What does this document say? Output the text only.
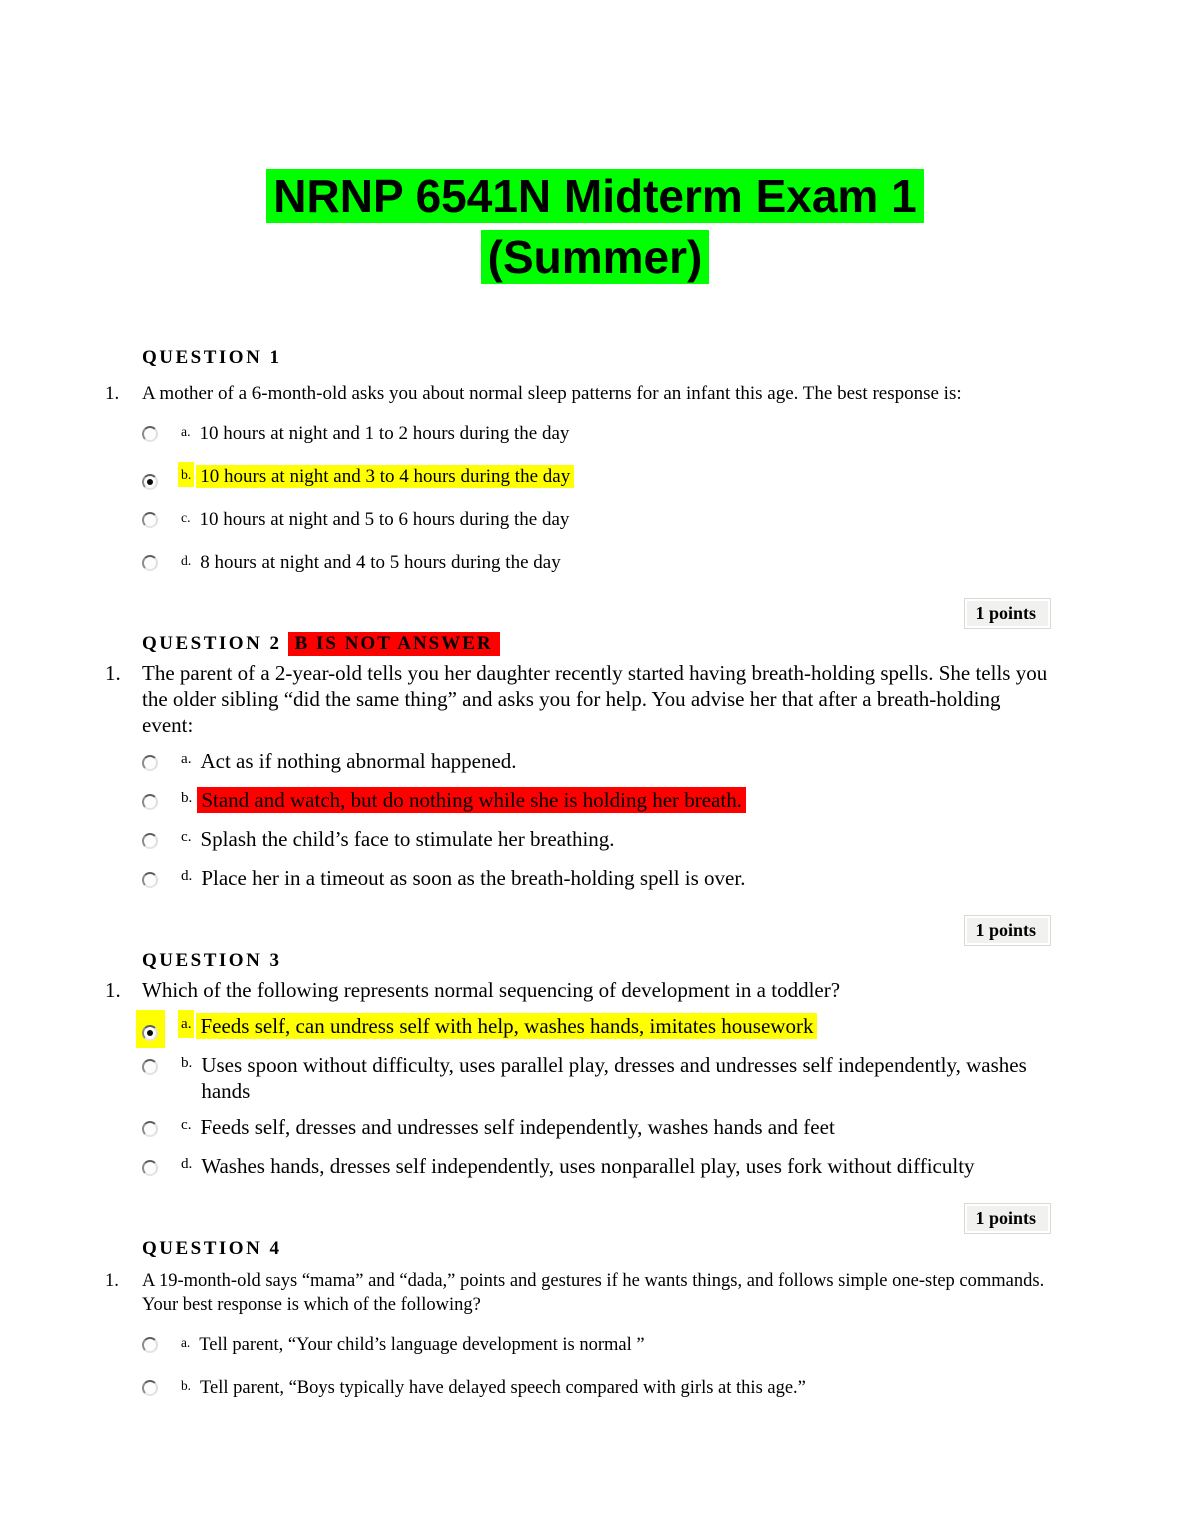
NRNP 6541N Midterm Exam 1
(Summer)
QUESTION 1
1.	A mother of a 6-month-old asks you about normal sleep patterns for an infant this age. The best response is:
a. 10 hours at night and 1 to 2 hours during the day
b. 10 hours at night and 3 to 4 hours during the day
c. 10 hours at night and 5 to 6 hours during the day
d. 8 hours at night and 4 to 5 hours during the day
1 points
QUESTION 2 B IS NOT ANSWER
1.	The parent of a 2-year-old tells you her daughter recently started having breath-holding spells. She tells you the older sibling “did the same thing” and asks you for help. You advise her that after a breath-holding event:
a. Act as if nothing abnormal happened.
b. Stand and watch, but do nothing while she is holding her breath.
c. Splash the child’s face to stimulate her breathing.
d. Place her in a timeout as soon as the breath-holding spell is over.
1 points
QUESTION 3
1.	Which of the following represents normal sequencing of development in a toddler?
a. Feeds self, can undress self with help, washes hands, imitates housework
b. Uses spoon without difficulty, uses parallel play, dresses and undresses self independently, washes hands
c. Feeds self, dresses and undresses self independently, washes hands and feet
d. Washes hands, dresses self independently, uses nonparallel play, uses fork without difficulty
1 points
QUESTION 4
1.	A 19-month-old says “mama” and “dada,” points and gestures if he wants things, and follows simple one-step commands. Your best response is which of the following?
a. Tell parent, “Your child’s language development is normal ”
b. Tell parent, “Boys typically have delayed speech compared with girls at this age.”
